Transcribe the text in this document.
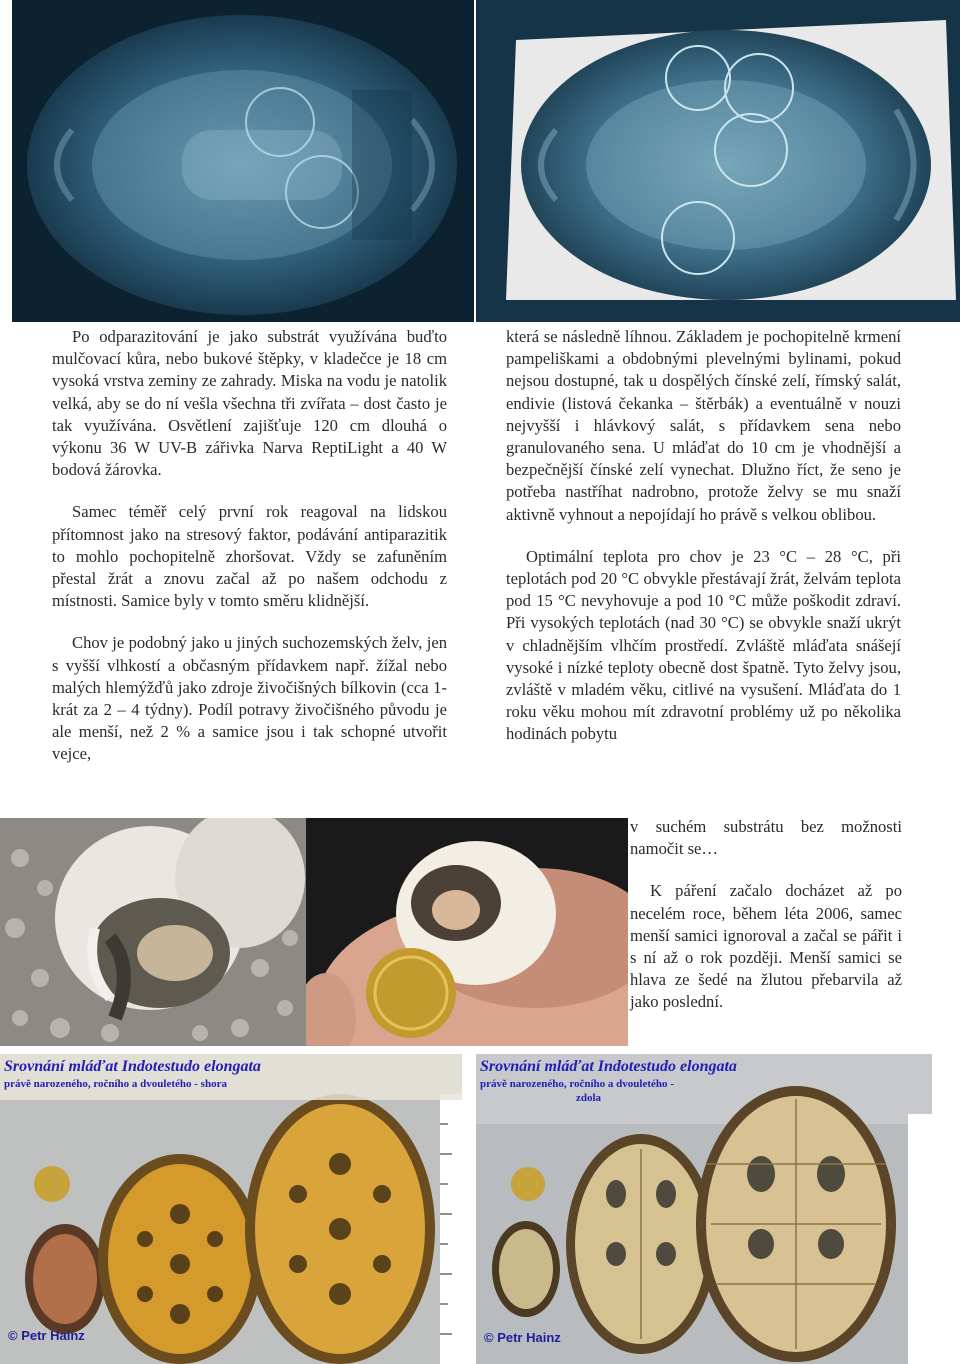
Po odparazitování je jako substrát využívána buďto mulčovací kůra, nebo bukové štěpky, v kladečce je 18 cm vysoká vrstva zeminy ze zahrady. Miska na vodu je natolik velká, aby se do ní vešla všechna tři zvířata – dost často je tak využívána. Osvětlení zajišťuje 120 cm dlouhá o výkonu 36 W UV-B zářivka Narva ReptiLight a 40 W bodová žárovka.

Samec téměř celý první rok reagoval na lidskou přítomnost jako na stresový faktor, podávání antiparazitik to mohlo pochopitelně zhoršovat. Vždy se zafuněním přestal žrát a znovu začal až po našem odchodu z místnosti. Samice byly v tomto směru klidnější.

Chov je podobný jako u jiných suchozemských želv, jen s vyšší vlhkostí a občasným přídavkem např. žížal nebo malých hlemýžďů jako zdroje živočišných bílkovin (cca 1-krát za 2 – 4 týdny). Podíl potravy živočišného původu je ale menší, než 2 % a samice jsou i tak schopné utvořit vejce,

která se následně líhnou. Základem je pochopitelně krmení pampeliškami a obdobnými plevelnými bylinami, pokud nejsou dostupné, tak u dospělých čínské zelí, římský salát, endivie (listová čekanka – štěrbák) a eventuálně v nouzi nejvyšší i hlávkový salát, s přídavkem sena nebo granulovaného sena. U mláďat do 10 cm je vhodnější a bezpečnější čínské zelí vynechat. Dlužno říct, že seno je potřeba nastříhat nadrobno, protože želvy se mu snaží aktivně vyhnout a nepojídají ho právě s velkou oblibou.

Optimální teplota pro chov je 23 °C – 28 °C, při teplotách pod 20 °C obvykle přestávají žrát, želvám teplota pod 15 °C nevyhovuje a pod 10 °C může poškodit zdraví. Při vysokých teplotách (nad 30 °C) se obvykle snaží ukrýt v chladnějším vlhčím prostředí. Zvláště mláďata snášejí vysoké i nízké teploty obecně dost špatně. Tyto želvy jsou, zvláště v mladém věku, citlivé na vysušení. Mláďata do 1 roku věku mohou mít zdravotní problémy už po několika hodinách pobytu

v suchém substrátu bez možnosti namočit se…

K páření začalo docházet až po necelém roce, během léta 2006, samec menší samici ignoroval a začal se pářit i s ní až o rok později. Menší samici se hlava ze šedé na žlutou přebarvila až jako poslední.

Srovnání mláďat Indotestudo elongata
právě narozeného, ročního a dvouletého - shora
© Petr Hainz
Srovnání mláďat Indotestudo elongata
právě narozeného, ročního a dvouletého -
zdola
© Petr Hainz
